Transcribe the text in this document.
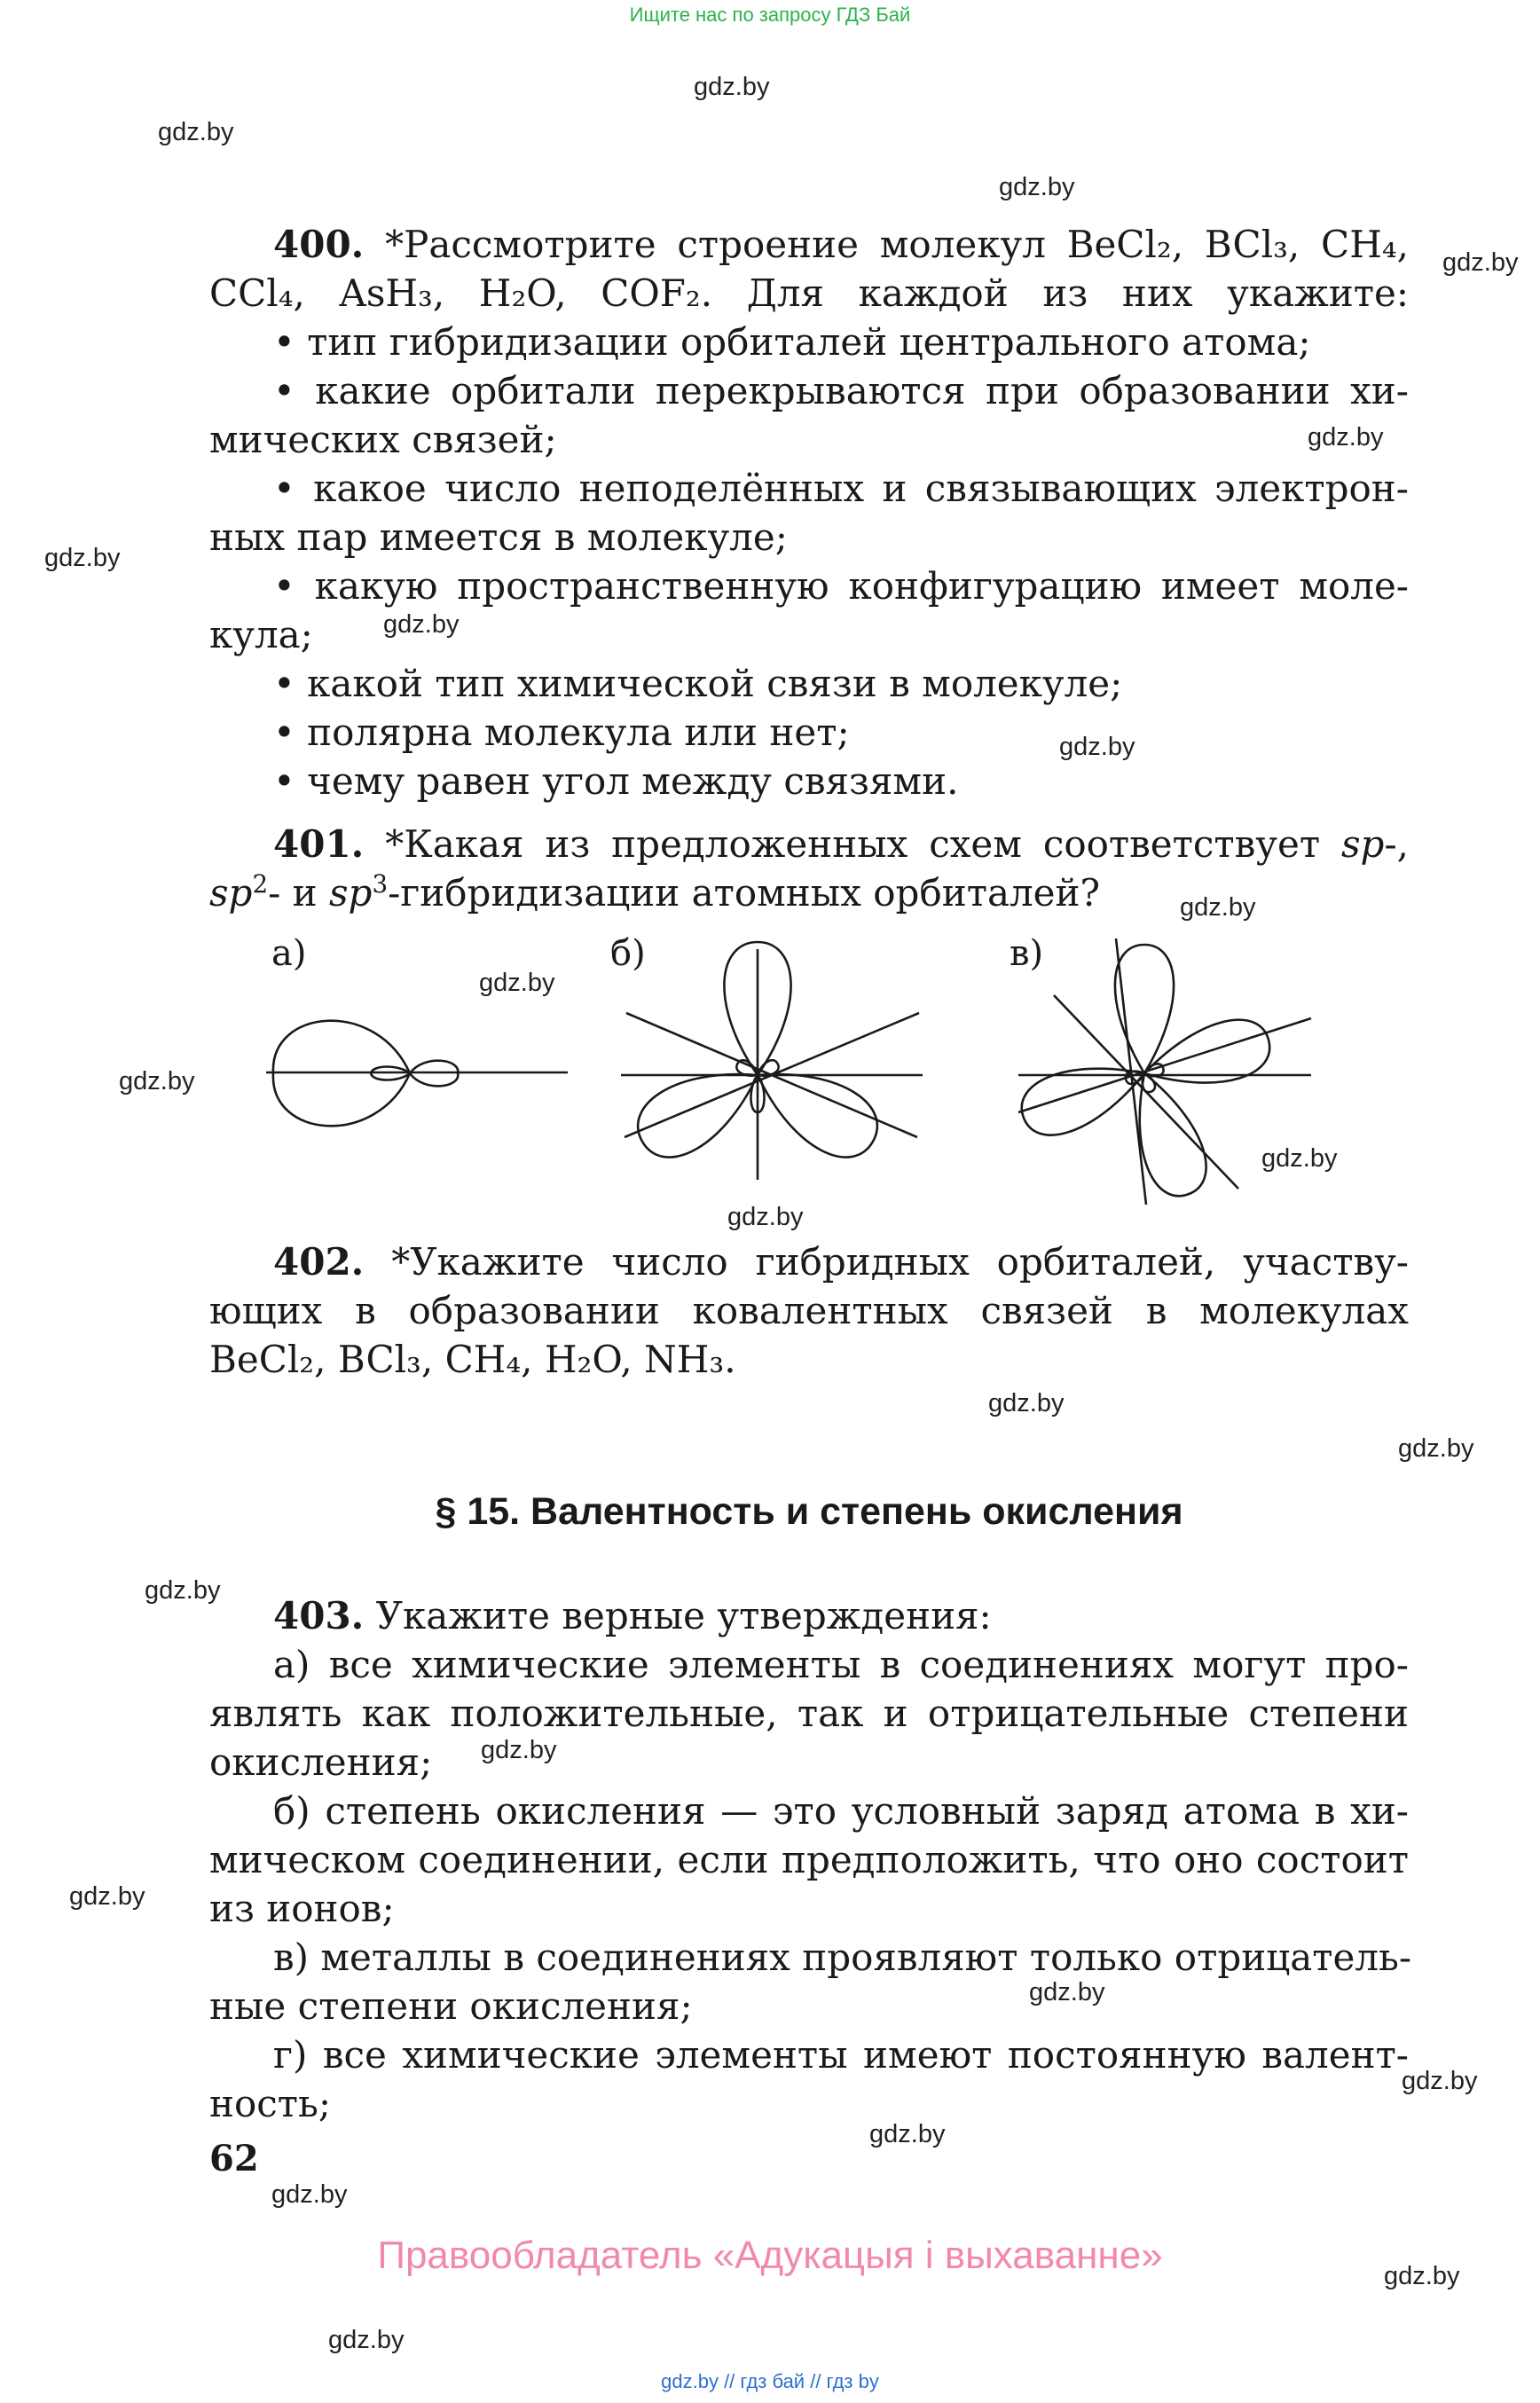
Ищите нас по запросу ГДЗ Бай
gdz.by
gdz.by
gdz.by
gdz.by
gdz.by
gdz.by
gdz.by
gdz.by
gdz.by
gdz.by
gdz.by
gdz.by
gdz.by
gdz.by
gdz.by
gdz.by
gdz.by
gdz.by
gdz.by
gdz.by
gdz.by
gdz.by
gdz.by
gdz.by
400. *Рассмотрите строение молекул BeCl₂, BCl₃, CH₄,
CCl₄, AsH₃, H₂O, COF₂. Для каждой из них укажите:
• тип гибридизации орбиталей центрального атома;
• какие орбитали перекрываются при образовании хи-
мических связей;
• какое число неподелённых и связывающих электрон-
ных пар имеется в молекуле;
• какую пространственную конфигурацию имеет моле-
кула;
• какой тип химической связи в молекуле;
• полярна молекула или нет;
• чему равен угол между связями.
401. *Какая из предложенных схем соответствует sp-,
$sp^2-$ и $sp^3$-гибридизации атомных орбиталей?
а)	б)	в)
402. *Укажите число гибридных орбиталей, участву-
ющих в образовании ковалентных связей в молекулах
BeCl₂, BCl₃, CH₄, H₂O, NH₃.
§ 15. Валентность и степень окисления
403. Укажите верные утверждения:
а) все химические элементы в соединениях могут про-
являть как положительные, так и отрицательные степени
окисления;
б) степень окисления — это условный заряд атома в хи-
мическом соединении, если предположить, что оно состоит
из ионов;
в) металлы в соединениях проявляют только отрицатель-
ные степени окисления;
г) все химические элементы имеют постоянную валент-
ность;
62
Правообладатель «Адукацыя і выхаванне»
gdz.by // гдз бай // гдз by
